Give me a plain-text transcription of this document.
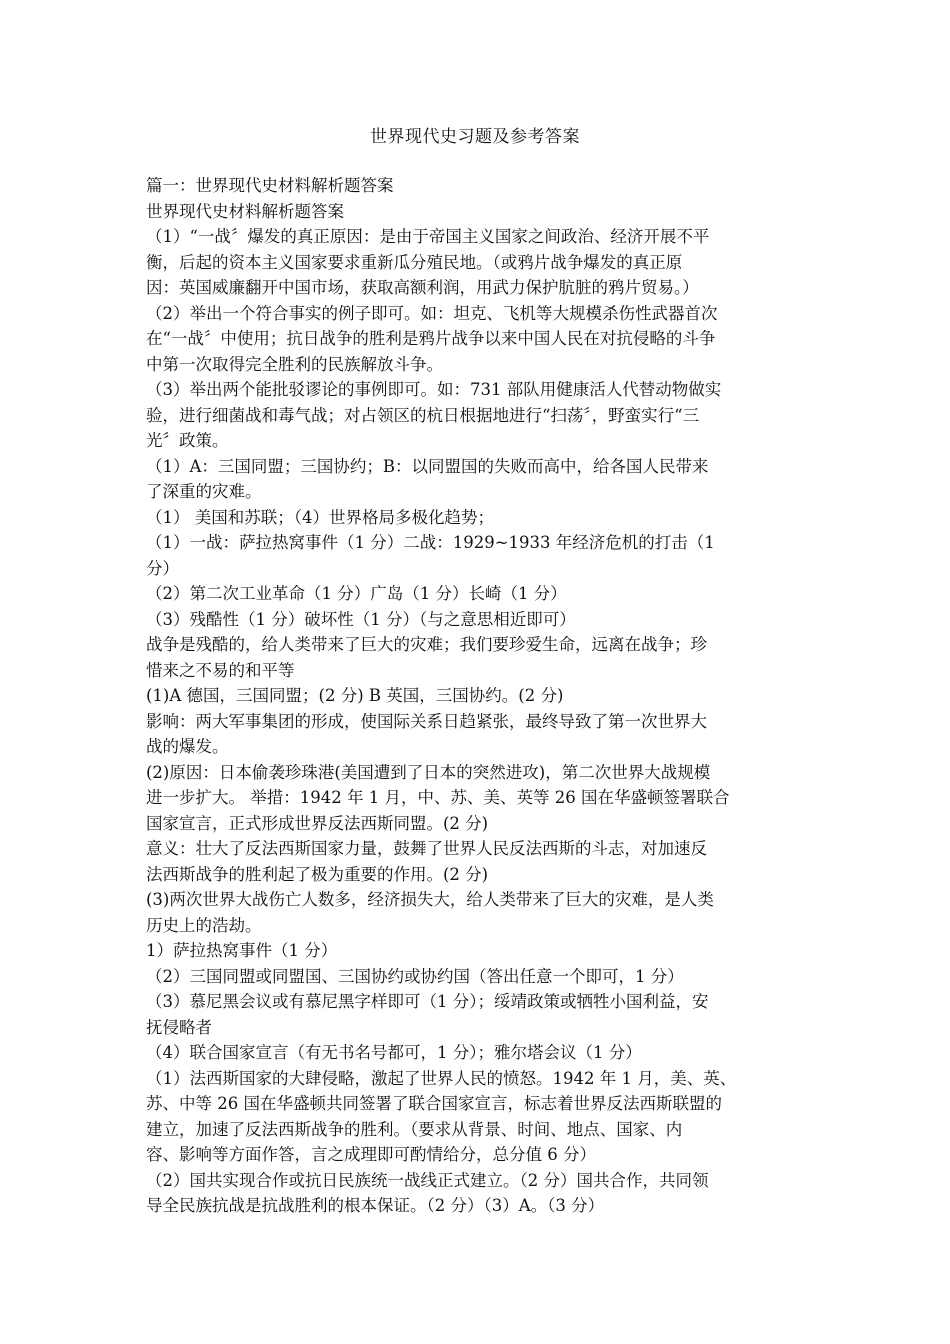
世界现代史习题及参考答案
篇一：世界现代史材料解析题答案
世界现代史材料解析题答案
（1）“一战〞爆发的真正原因：是由于帝国主义国家之间政治、经济开展不平
衡，后起的资本主义国家要求重新瓜分殖民地。（或鸦片战争爆发的真正原
因：英国威廉翻开中国市场，获取高额利润，用武力保护肮脏的鸦片贸易。）
（2）举出一个符合事实的例子即可。如：坦克、飞机等大规模杀伤性武器首次
在“一战〞中使用；抗日战争的胜利是鸦片战争以来中国人民在对抗侵略的斗争
中第一次取得完全胜利的民族解放斗争。
（3）举出两个能批驳谬论的事例即可。如：731 部队用健康活人代替动物做实
验，进行细菌战和毒气战；对占领区的杭日根据地进行“扫荡〞，野蛮实行“三
光〞政策。
（1）A：三国同盟；三国协约；B：以同盟国的失败而高中，给各国人民带来
了深重的灾难。
（1） 美国和苏联；（4）世界格局多极化趋势；
（1）一战：萨拉热窝事件（1 分）二战：1929~1933 年经济危机的打击（1
分）
（2）第二次工业革命（1 分）广岛（1 分）长崎（1 分）
（3）残酷性（1 分）破坏性（1 分）（与之意思相近即可）
战争是残酷的，给人类带来了巨大的灾难；我们要珍爱生命，远离在战争；珍
惜来之不易的和平等
(1)A 德国，三国同盟；(2 分) B 英国，三国协约。(2 分)
影响：两大军事集团的形成，使国际关系日趋紧张，最终导致了第一次世界大
战的爆发。
(2)原因：日本偷袭珍珠港(美国遭到了日本的突然进攻)，第二次世界大战规模
进一步扩大。 举措：1942 年 1 月，中、苏、美、英等 26 国在华盛顿签署联合
国家宣言，正式形成世界反法西斯同盟。(2 分)
意义：壮大了反法西斯国家力量，鼓舞了世界人民反法西斯的斗志，对加速反
法西斯战争的胜利起了极为重要的作用。(2 分)
(3)两次世界大战伤亡人数多，经济损失大，给人类带来了巨大的灾难，是人类
历史上的浩劫。
1）萨拉热窝事件（1 分）
（2）三国同盟或同盟国、三国协约或协约国（答出任意一个即可，1 分）
（3）慕尼黑会议或有慕尼黑字样即可（1 分）；绥靖政策或牺牲小国利益，安
抚侵略者
（4）联合国家宣言（有无书名号都可，1 分）；雅尔塔会议（1 分）
（1）法西斯国家的大肆侵略，激起了世界人民的愤怒。1942 年 1 月，美、英、
苏、中等 26 国在华盛顿共同签署了联合国家宣言，标志着世界反法西斯联盟的
建立，加速了反法西斯战争的胜利。（要求从背景、时间、地点、国家、内
容、影响等方面作答，言之成理即可酌情给分，总分值 6 分）
（2）国共实现合作或抗日民族统一战线正式建立。（2 分）国共合作，共同领
导全民族抗战是抗战胜利的根本保证。（2 分）（3）A。（3 分）
